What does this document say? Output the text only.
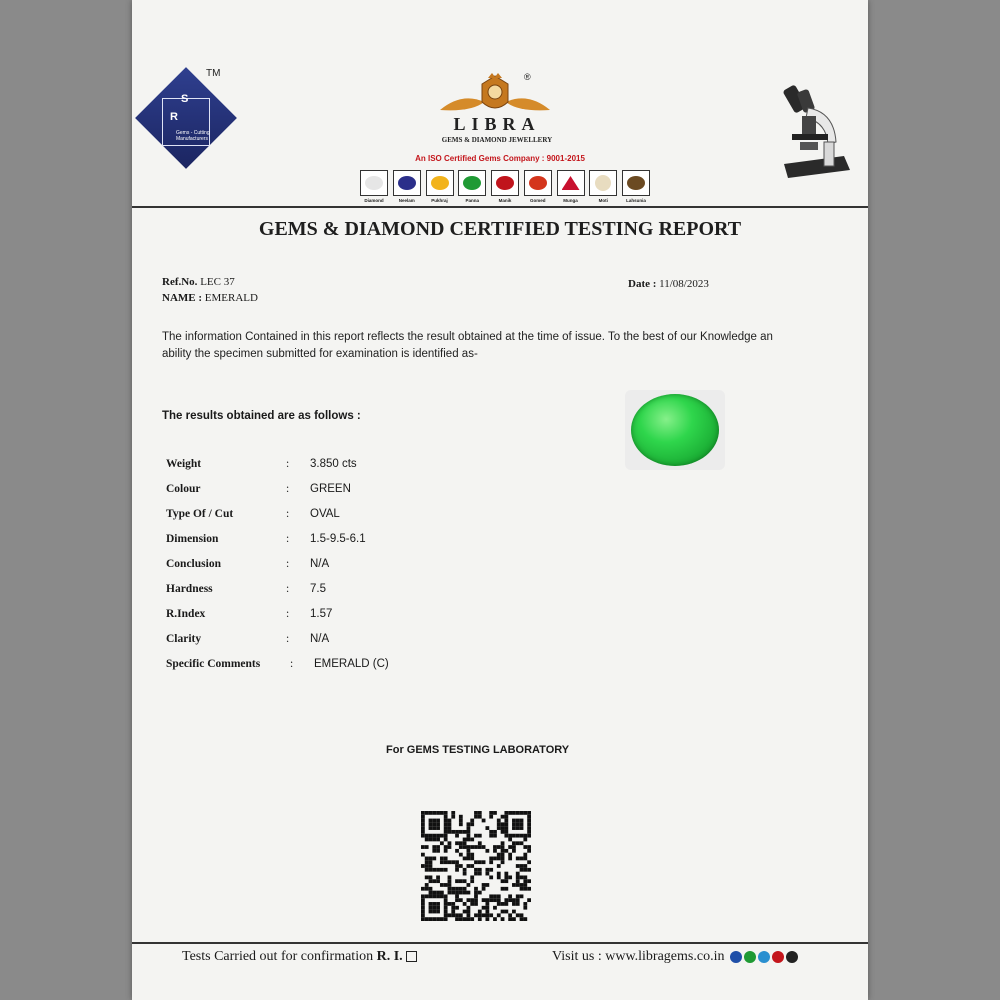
S
R
Gems - Cutting Manufacturers
TM	®
LIBRA
GEMS & DIAMOND JEWELLERY
An ISO Certified Gems Company : 9001-2015
Diamond	Neelam	Pukhraj	Panna	Manik	Gomed	Munga	Moti	Lahsunia
GEMS & DIAMOND CERTIFIED TESTING REPORT
Ref.No. LEC 37
NAME : EMERALD
Date : 11/08/2023
The information Contained in this report reflects the result obtained at the time of issue. To the best of our Knowledge an ability the specimen submitted for examination is identified as-
The results obtained are as follows :
Weight	: 3.850 cts
Colour	: GREEN
Type Of / Cut	: OVAL
Dimension	: 1.5-9.5-6.1
Conclusion	: N/A
Hardness	: 7.5
R.Index	: 1.57
Clarity	: N/A
Specific Comments	: EMERALD (C)
For GEMS TESTING LABORATORY
Tests Carried out for confirmation R. I.	Visit us : www.libragems.co.in
